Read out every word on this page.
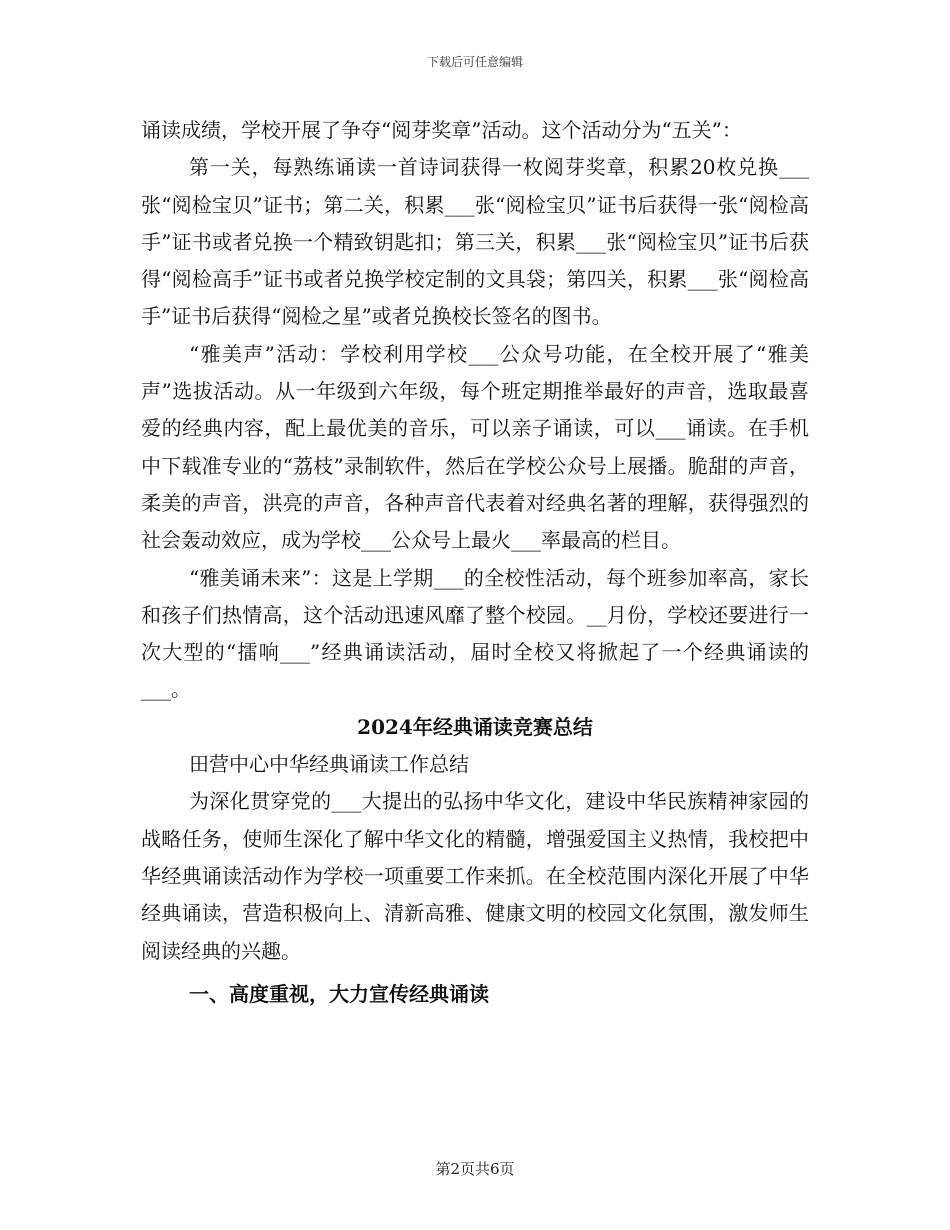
下载后可任意编辑

诵读成绩，学校开展了争夺“阅芽奖章”活动。这个活动分为“五关”：

第一关，每熟练诵读一首诗词获得一枚阅芽奖章，积累20枚兑换___张“阅检宝贝”证书；第二关，积累___张“阅检宝贝”证书后获得一张“阅检高手”证书或者兑换一个精致钥匙扣；第三关，积累___张“阅检宝贝”证书后获得“阅检高手”证书或者兑换学校定制的文具袋；第四关，积累___张“阅检高手”证书后获得“阅检之星”或者兑换校长签名的图书。

“雅美声”活动：学校利用学校___公众号功能，在全校开展了“雅美声”选拔活动。从一年级到六年级，每个班定期推举最好的声音，选取最喜爱的经典内容，配上最优美的音乐，可以亲子诵读，可以___诵读。在手机中下载准专业的“荔枝”录制软件，然后在学校公众号上展播。脆甜的声音，柔美的声音，洪亮的声音，各种声音代表着对经典名著的理解，获得强烈的社会轰动效应，成为学校___公众号上最火___率最高的栏目。

“雅美诵未来”：这是上学期___的全校性活动，每个班参加率高，家长和孩子们热情高，这个活动迅速风靡了整个校园。__月份，学校还要进行一次大型的“擂响___”经典诵读活动，届时全校又将掀起了一个经典诵读的___。

2024年经典诵读竞赛总结

田营中心中华经典诵读工作总结

为深化贯穿党的___大提出的弘扬中华文化，建设中华民族精神家园的战略任务，使师生深化了解中华文化的精髓，增强爱国主义热情，我校把中华经典诵读活动作为学校一项重要工作来抓。在全校范围内深化开展了中华经典诵读，营造积极向上、清新高雅、健康文明的校园文化氛围，激发师生阅读经典的兴趣。

一、高度重视，大力宣传经典诵读

第2页共6页
